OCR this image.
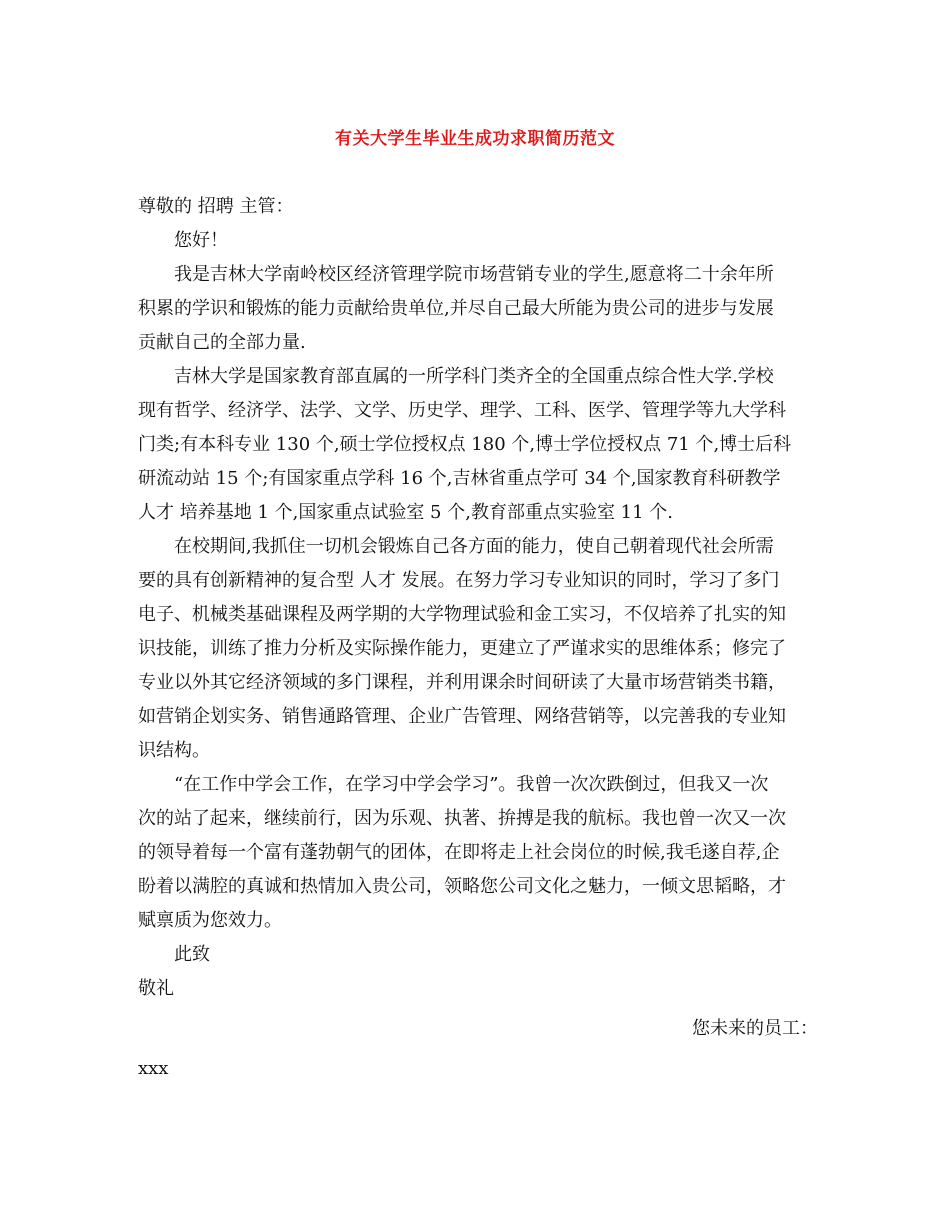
有关大学生毕业生成功求职简历范文
尊敬的 招聘 主管：
您好！
我是吉林大学南岭校区经济管理学院市场营销专业的学生,愿意将二十余年所
积累的学识和锻炼的能力贡献给贵单位,并尽自己最大所能为贵公司的进步与发展
贡献自己的全部力量.
吉林大学是国家教育部直属的一所学科门类齐全的全国重点综合性大学.学校
现有哲学、经济学、法学、文学、历史学、理学、工科、医学、管理学等九大学科
门类;有本科专业 130 个,硕士学位授权点 180 个,博士学位授权点 71 个,博士后科
研流动站 15 个;有国家重点学科 16 个,吉林省重点学可 34 个,国家教育科研教学
人才 培养基地 1 个,国家重点试验室 5 个,教育部重点实验室 11 个.
在校期间,我抓住一切机会锻炼自己各方面的能力，使自己朝着现代社会所需
要的具有创新精神的复合型 人才 发展。在努力学习专业知识的同时，学习了多门
电子、机械类基础课程及两学期的大学物理试验和金工实习，不仅培养了扎实的知
识技能，训练了推力分析及实际操作能力，更建立了严谨求实的思维体系；修完了
专业以外其它经济领域的多门课程，并利用课余时间研读了大量市场营销类书籍，
如营销企划实务、销售通路管理、企业广告管理、网络营销等，以完善我的专业知
识结构。
“在工作中学会工作，在学习中学会学习”。我曾一次次跌倒过，但我又一次
次的站了起来，继续前行，因为乐观、执著、拚搏是我的航标。我也曾一次又一次
的领导着每一个富有蓬勃朝气的团体，在即将走上社会岗位的时候,我毛遂自荐,企
盼着以满腔的真诚和热情加入贵公司，领略您公司文化之魅力，一倾文思韬略，才
赋禀质为您效力。
此致
敬礼
您未来的员工：
xxx
